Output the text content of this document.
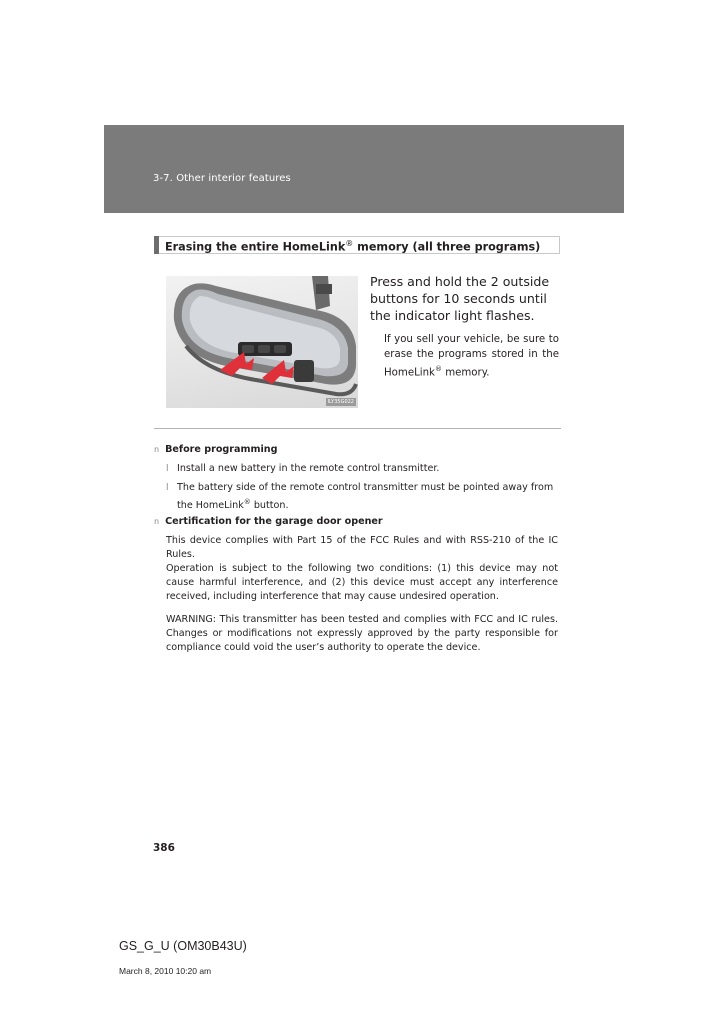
3-7. Other interior features
Erasing the entire HomeLink® memory (all three programs)
ILY35G022
Press and hold the 2 outside buttons for 10 seconds until the indicator light flashes.
If you sell your vehicle, be sure to erase the programs stored in the HomeLink® memory.
n Before programming
l Install a new battery in the remote control transmitter.
l The battery side of the remote control transmitter must be pointed away from the HomeLink® button.
n Certification for the garage door opener
This device complies with Part 15 of the FCC Rules and with RSS-210 of the IC Rules.
Operation is subject to the following two conditions: (1) this device may not cause harmful interference, and (2) this device must accept any interference received, including interference that may cause undesired operation.
WARNING: This transmitter has been tested and complies with FCC and IC rules. Changes or modifications not expressly approved by the party responsible for compliance could void the user’s authority to operate the device.
386
GS_G_U (OM30B43U)
March 8, 2010 10:20 am
